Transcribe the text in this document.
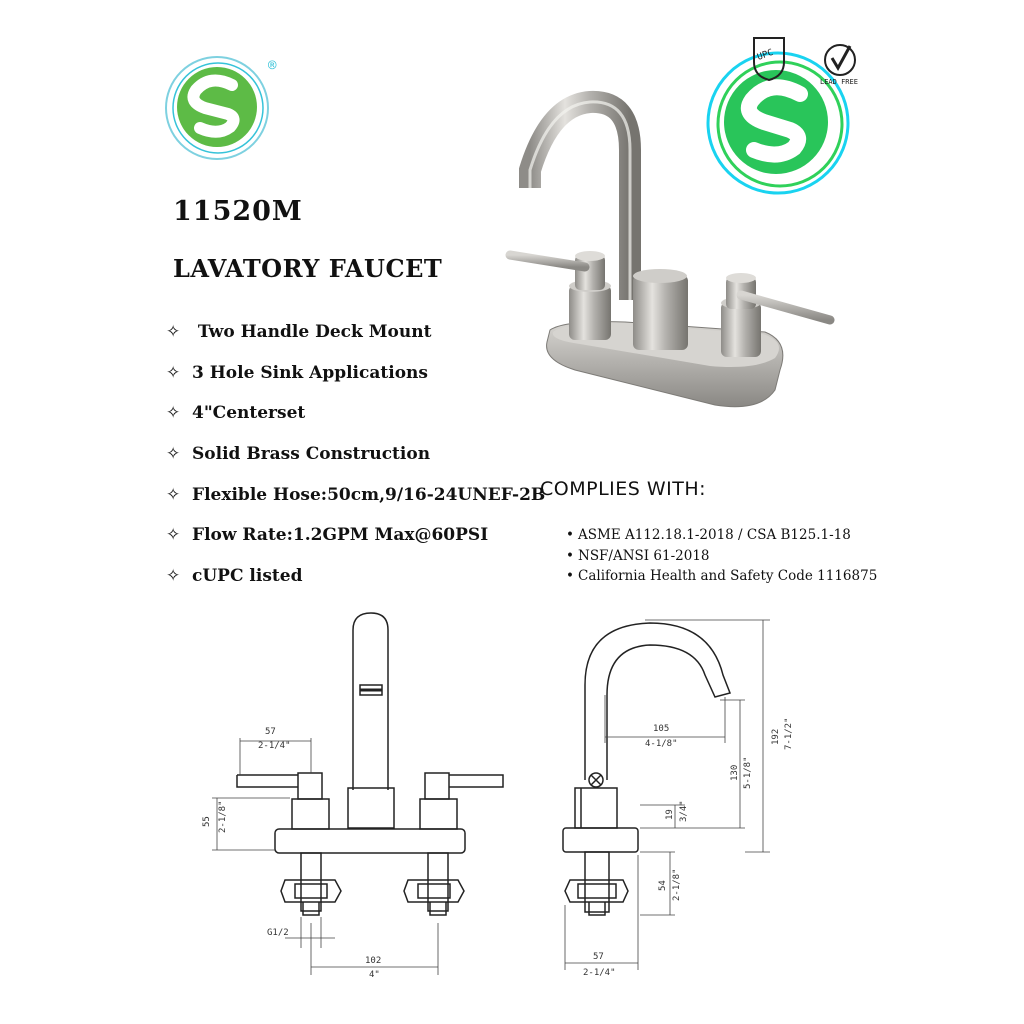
®
11520M
LAVATORY FAUCET
✧ Two Handle Deck Mount
✧ 3 Hole Sink Applications
✧ 4"Centerset
✧ Solid Brass Construction
✧ Flexible Hose:50cm,9/16-24UNEF-2B
✧ Flow Rate:1.2GPM Max@60PSI
✧ cUPC listed
UPC
LEAD FREE
COMPLIES WITH:
• ASME A112.18.1-2018 / CSA B125.1-18
• NSF/ANSI 61-2018
• California Health and Safety Code 1116875
57
2-1/4"
55 2-1/8"
G1/2
102
4"
105
4-1/8"	192 7-1/2"
130 5-1/8"
19 3/4"
54 2-1/8"
57
2-1/4"
